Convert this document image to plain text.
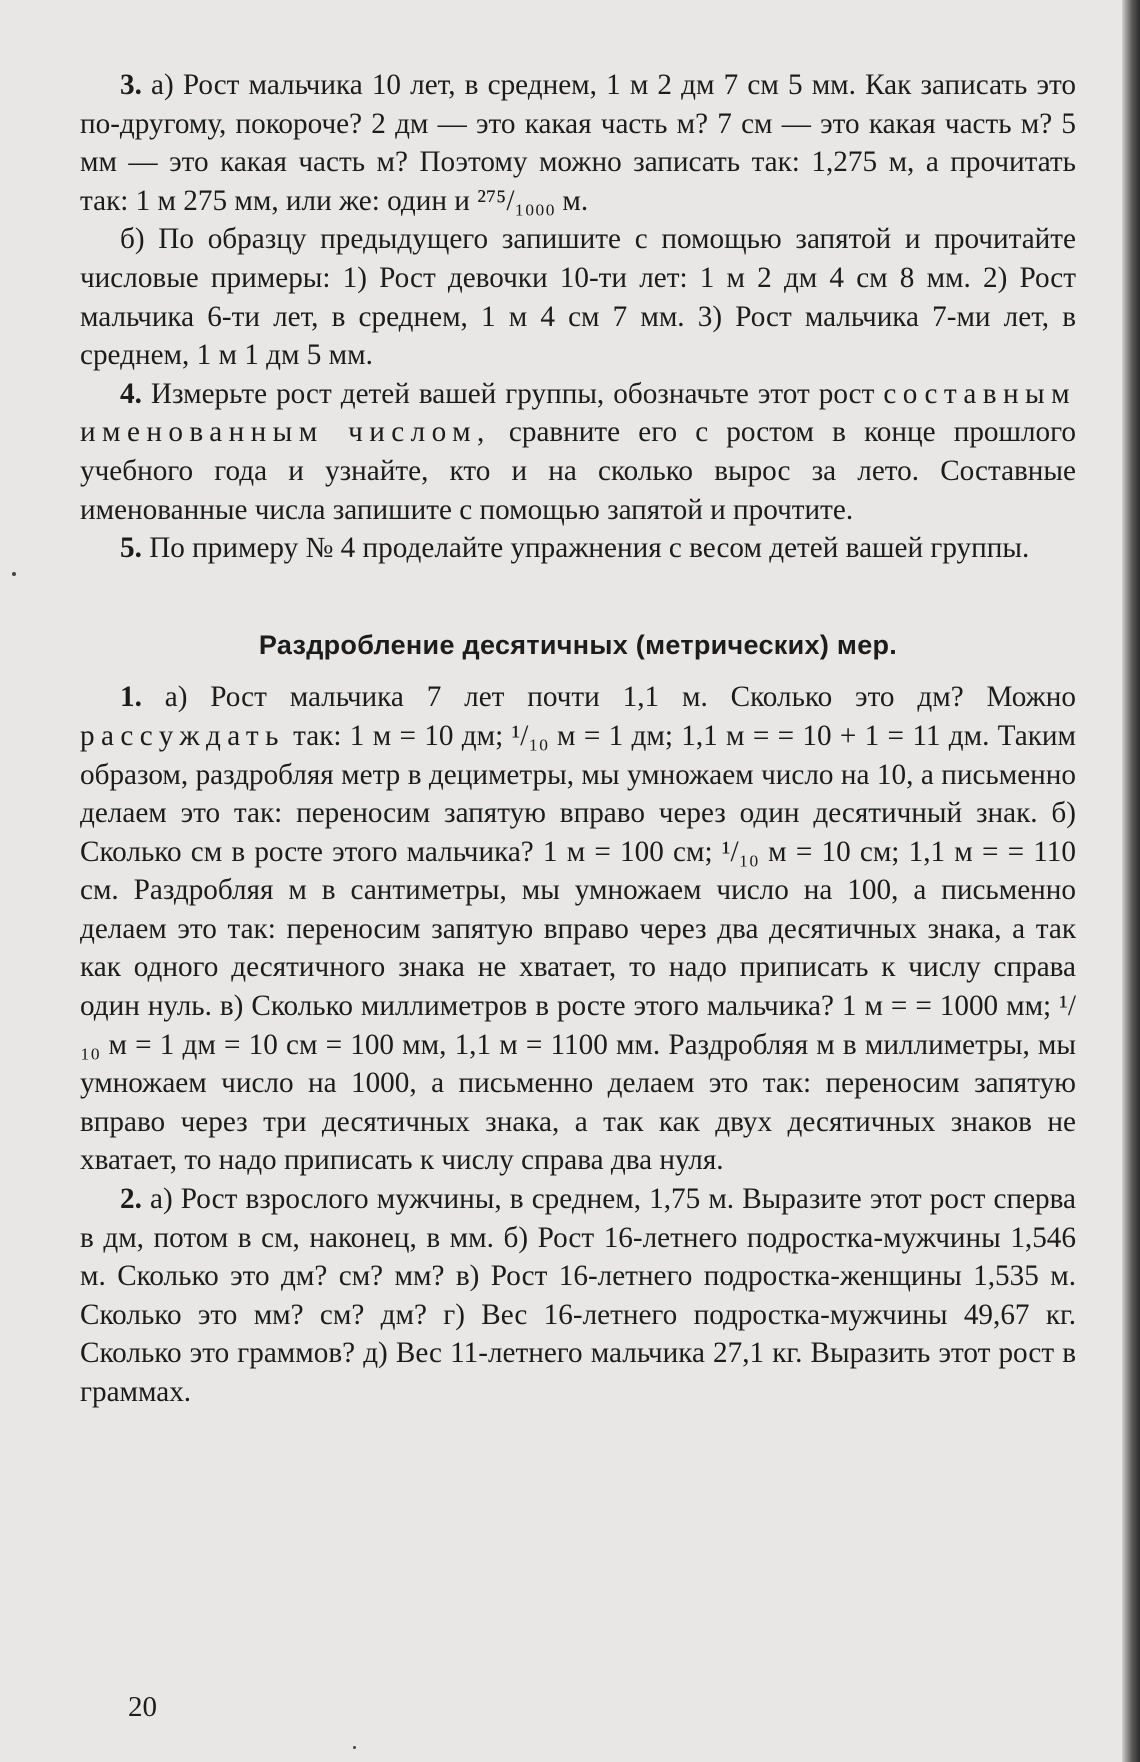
3. а) Рост мальчика 10 лет, в среднем, 1 м 2 дм 7 см 5 мм. Как записать это по-другому, покороче? 2 дм — это какая часть м? 7 см — это какая часть м? 5 мм — это какая часть м? Поэтому можно записать так: 1,275 м, а прочитать так: 1 м 275 мм, или же: один и ²⁷⁵/₁₀₀₀ м.

б) По образцу предыдущего запишите с помощью запятой и прочитайте числовые примеры: 1) Рост девочки 10-ти лет: 1 м 2 дм 4 см 8 мм. 2) Рост мальчика 6-ти лет, в среднем, 1 м 4 см 7 мм. 3) Рост мальчика 7-ми лет, в среднем, 1 м 1 дм 5 мм.

4. Измерьте рост детей вашей группы, обозначьте этот рост составным именованным числом, сравните его с ростом в конце прошлого учебного года и узнайте, кто и на сколько вырос за лето. Составные именованные числа запишите с помощью запятой и прочтите.

5. По примеру № 4 проделайте упражнения с весом детей вашей группы.

Раздробление десятичных (метрических) мер.

1. а) Рост мальчика 7 лет почти 1,1 м. Сколько это дм? Можно рассуждать так: 1 м = 10 дм; ¹/₁₀ м = 1 дм; 1,1 м = = 10 + 1 = 11 дм. Таким образом, раздробляя метр в дециметры, мы умножаем число на 10, а письменно делаем это так: переносим запятую вправо через один десятичный знак. б) Сколько см в росте этого мальчика? 1 м = 100 см; ¹/₁₀ м = 10 см; 1,1 м = = 110 см. Раздробляя м в сантиметры, мы умножаем число на 100, а письменно делаем это так: переносим запятую вправо через два десятичных знака, а так как одного десятичного знака не хватает, то надо приписать к числу справа один нуль. в) Сколько миллиметров в росте этого мальчика? 1 м = = 1000 мм; ¹/₁₀ м = 1 дм = 10 см = 100 мм, 1,1 м = 1100 мм. Раздробляя м в миллиметры, мы умножаем число на 1000, а письменно делаем это так: переносим запятую вправо через три десятичных знака, а так как двух десятичных знаков не хватает, то надо приписать к числу справа два нуля.

2. а) Рост взрослого мужчины, в среднем, 1,75 м. Выразите этот рост сперва в дм, потом в см, наконец, в мм. б) Рост 16-летнего подростка-мужчины 1,546 м. Сколько это дм? см? мм? в) Рост 16-летнего подростка-женщины 1,535 м. Сколько это мм? см? дм? г) Вес 16-летнего подростка-мужчины 49,67 кг. Сколько это граммов? д) Вес 11-летнего мальчика 27,1 кг. Выразить этот рост в граммах.

20
